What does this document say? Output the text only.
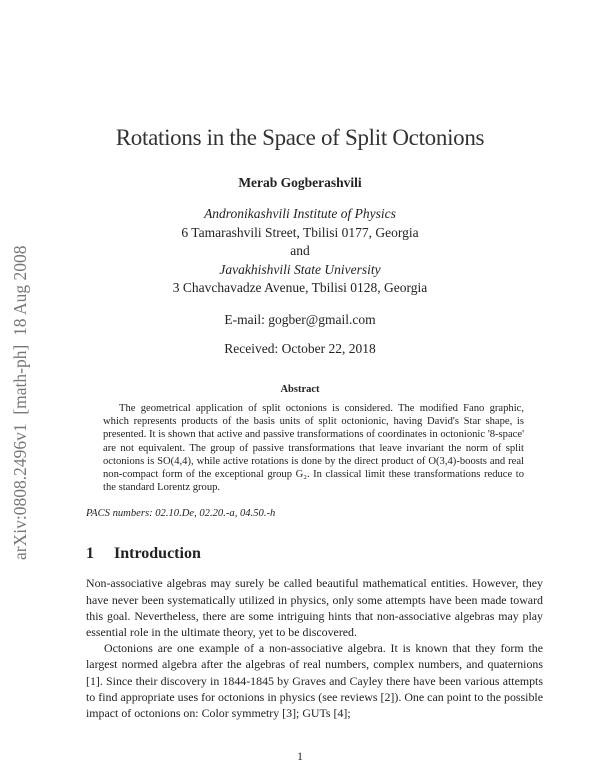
arXiv:0808.2496v1  [math-ph]  18 Aug 2008
Rotations in the Space of Split Octonions
Merab Gogberashvili
Andronikashvili Institute of Physics
6 Tamarashvili Street, Tbilisi 0177, Georgia
and
Javakhishvili State University
3 Chavchavadze Avenue, Tbilisi 0128, Georgia
E-mail: gogber@gmail.com
Received: October 22, 2018
Abstract
The geometrical application of split octonions is considered. The modified Fano graphic, which represents products of the basis units of split octonionic, having David's Star shape, is presented. It is shown that active and passive transformations of coordinates in octonionic '8-space' are not equivalent. The group of passive transformations that leave invariant the norm of split octonions is SO(4,4), while active rotations is done by the direct product of O(3,4)-boosts and real non-compact form of the exceptional group G₂. In classical limit these transformations reduce to the standard Lorentz group.
PACS numbers: 02.10.De, 02.20.-a, 04.50.-h
1 Introduction

Non-associative algebras may surely be called beautiful mathematical entities. However, they have never been systematically utilized in physics, only some attempts have been made toward this goal. Nevertheless, there are some intriguing hints that non-associative algebras may play essential role in the ultimate theory, yet to be discovered.

Octonions are one example of a non-associative algebra. It is known that they form the largest normed algebra after the algebras of real numbers, complex numbers, and quaternions [1]. Since their discovery in 1844-1845 by Graves and Cayley there have been various attempts to find appropriate uses for octonions in physics (see reviews [2]). One can point to the possible impact of octonions on: Color symmetry [3]; GUTs [4];

1
